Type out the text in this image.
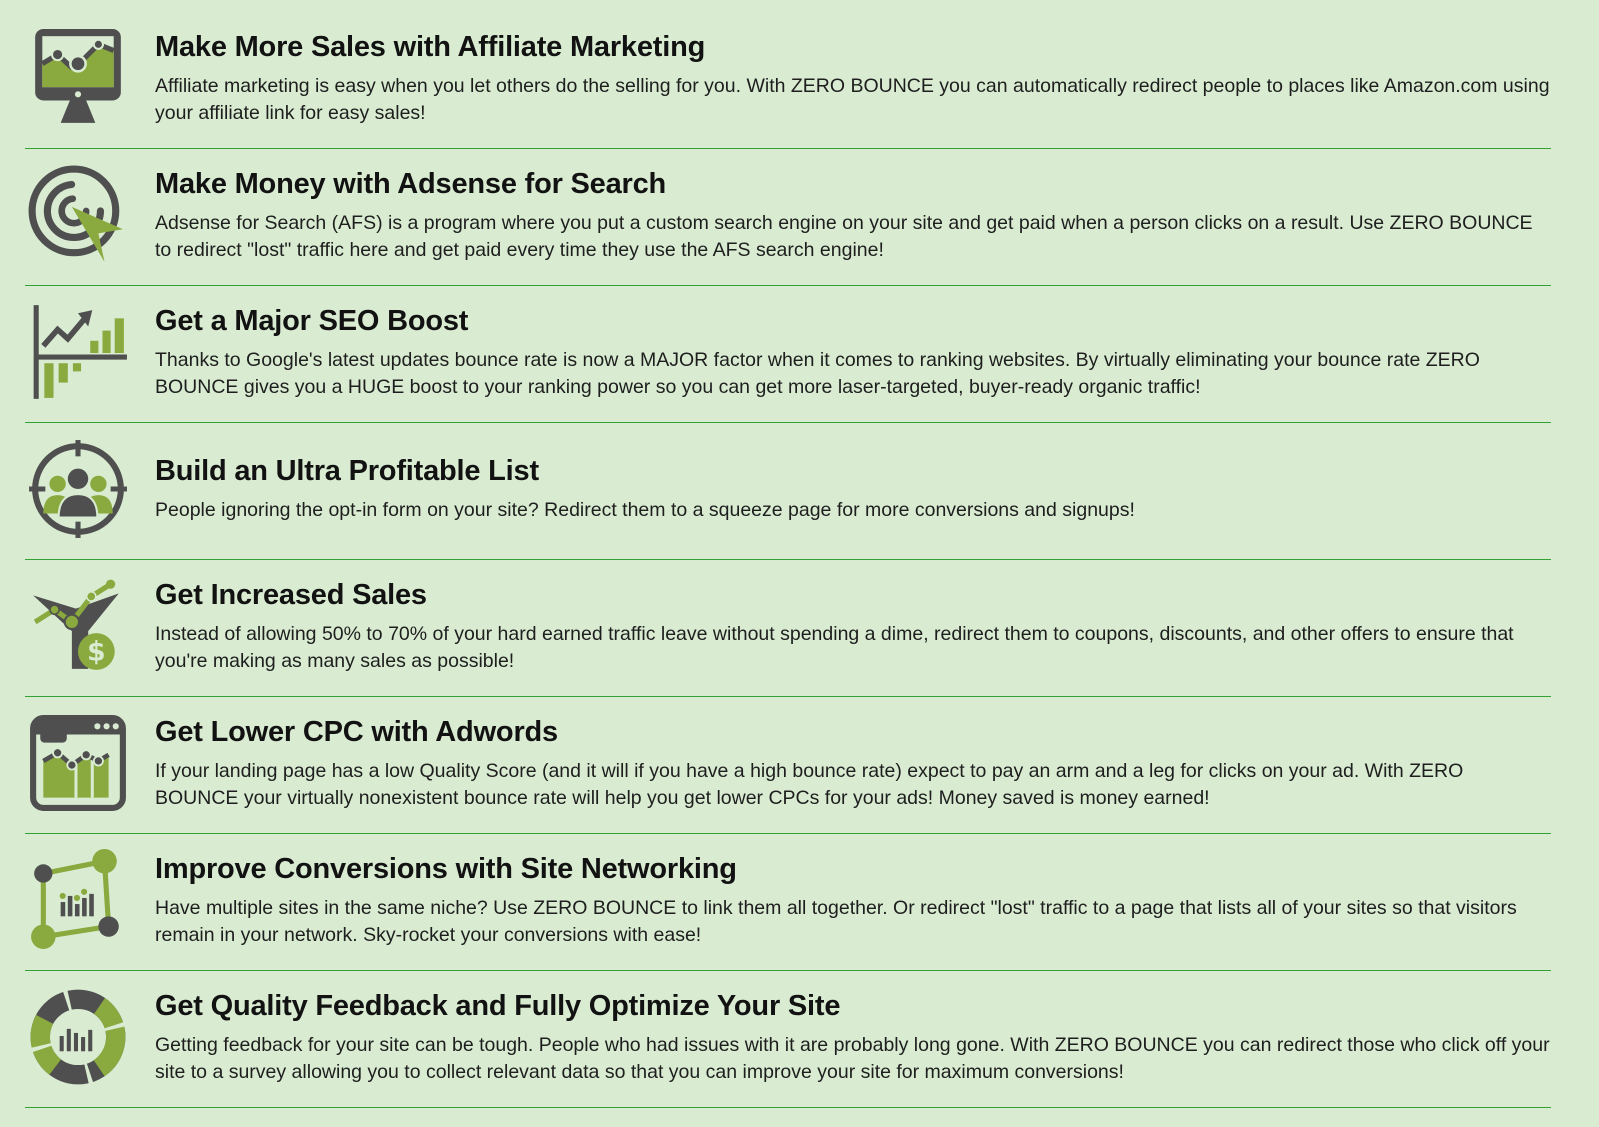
Make More Sales with Affiliate Marketing

Affiliate marketing is easy when you let others do the selling for you. With ZERO BOUNCE you can automatically redirect people to places like Amazon.com using your affiliate link for easy sales!

Make Money with Adsense for Search

Adsense for Search (AFS) is a program where you put a custom search engine on your site and get paid when a person clicks on a result. Use ZERO BOUNCE to redirect "lost" traffic here and get paid every time they use the AFS search engine!

Get a Major SEO Boost

Thanks to Google's latest updates bounce rate is now a MAJOR factor when it comes to ranking websites. By virtually eliminating your bounce rate ZERO BOUNCE gives you a HUGE boost to your ranking power so you can get more laser-targeted, buyer-ready organic traffic!

Build an Ultra Profitable List

People ignoring the opt-in form on your site? Redirect them to a squeeze page for more conversions and signups!

$
Get Increased Sales

Instead of allowing 50% to 70% of your hard earned traffic leave without spending a dime, redirect them to coupons, discounts, and other offers to ensure that you're making as many sales as possible!

Get Lower CPC with Adwords

If your landing page has a low Quality Score (and it will if you have a high bounce rate) expect to pay an arm and a leg for clicks on your ad. With ZERO BOUNCE your virtually nonexistent bounce rate will help you get lower CPCs for your ads! Money saved is money earned!

Improve Conversions with Site Networking

Have multiple sites in the same niche? Use ZERO BOUNCE to link them all together. Or redirect "lost" traffic to a page that lists all of your sites so that visitors remain in your network. Sky-rocket your conversions with ease!

Get Quality Feedback and Fully Optimize Your Site

Getting feedback for your site can be tough. People who had issues with it are probably long gone. With ZERO BOUNCE you can redirect those who click off your site to a survey allowing you to collect relevant data so that you can improve your site for maximum conversions!
